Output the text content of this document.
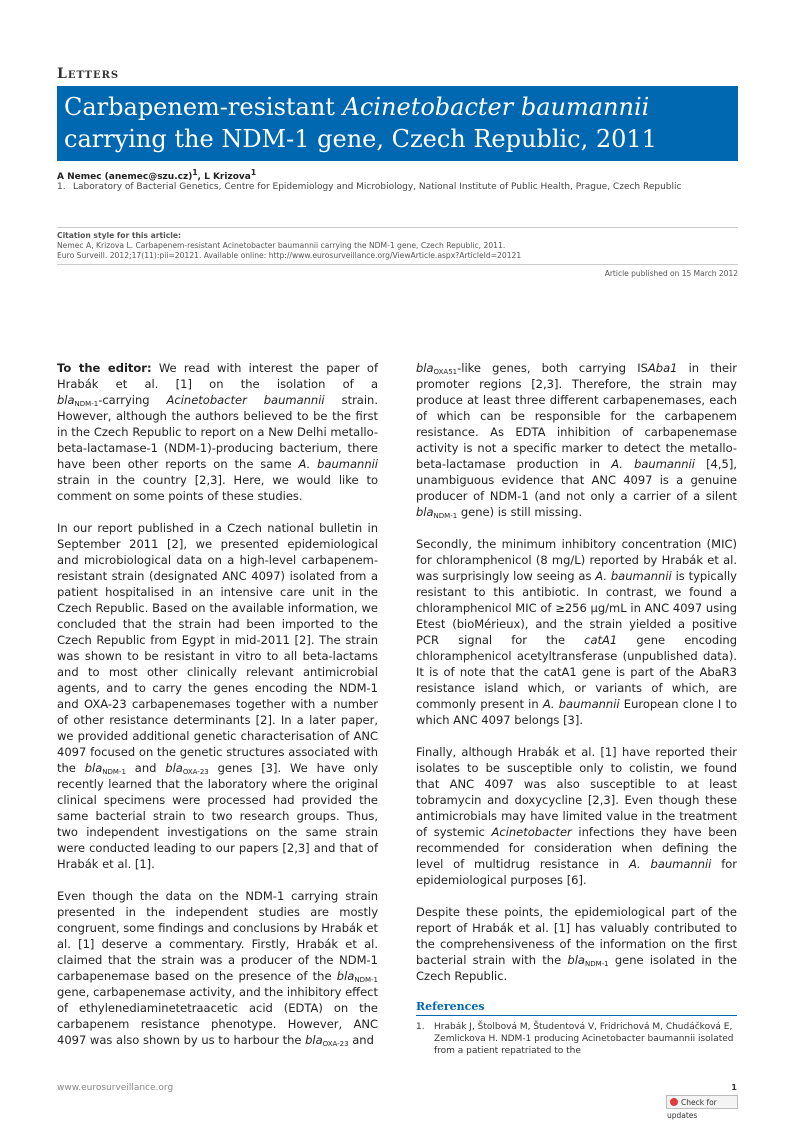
Letters
Carbapenem-resistant Acinetobacter baumannii
carrying the NDM-1 gene, Czech Republic, 2011
A Nemec (anemec@szu.cz)$^1$, L Krizova$^1$
1. Laboratory of Bacterial Genetics, Centre for Epidemiology and Microbiology, National Institute of Public Health, Prague, Czech Republic
Citation style for this article:
Nemec A, Krizova L. Carbapenem-resistant Acinetobacter baumannii carrying the NDM-1 gene, Czech Republic, 2011.
Euro Surveill. 2012;17(11):pii=20121. Available online: http://www.eurosurveillance.org/ViewArticle.aspx?ArticleId=20121
Article published on 15 March 2012

To the editor: We read with interest the paper of Hrabák et al. [1] on the isolation of a bla$_{NDM-1}$-carrying Acinetobacter baumannii strain. However, although the authors believed to be the first in the Czech Republic to report on a New Delhi metallo-beta-lactamase-1 (NDM-1)-producing bacterium, there have been other reports on the same A. baumannii strain in the country [2,3]. Here, we would like to comment on some points of these studies.

In our report published in a Czech national bulletin in September 2011 [2], we presented epidemiological and microbiological data on a high-level carbapenem-resistant strain (designated ANC 4097) isolated from a patient hospitalised in an intensive care unit in the Czech Republic. Based on the available information, we concluded that the strain had been imported to the Czech Republic from Egypt in mid-2011 [2]. The strain was shown to be resistant in vitro to all beta-lactams and to most other clinically relevant antimicrobial agents, and to carry the genes encoding the NDM-1 and OXA-23 carbapenemases together with a number of other resistance determinants [2]. In a later paper, we provided additional genetic characterisation of ANC 4097 focused on the genetic structures associated with the bla$_{NDM-1}$ and bla$_{OXA-23}$ genes [3]. We have only recently learned that the laboratory where the original clinical specimens were processed had provided the same bacterial strain to two research groups. Thus, two independent investigations on the same strain were conducted leading to our papers [2,3] and that of Hrabák et al. [1].

Even though the data on the NDM-1 carrying strain presented in the independent studies are mostly congruent, some findings and conclusions by Hrabák et al. [1] deserve a commentary. Firstly, Hrabák et al. claimed that the strain was a producer of the NDM-1 carbapenemase based on the presence of the bla$_{NDM-1}$ gene, carbapenemase activity, and the inhibitory effect of ethylenediaminetetraacetic acid (EDTA) on the carbapenem resistance phenotype. However, ANC 4097 was also shown by us to harbour the bla$_{OXA-23}$ and

bla$_{OXA51}$-like genes, both carrying ISAba1 in their promoter regions [2,3]. Therefore, the strain may produce at least three different carbapenemases, each of which can be responsible for the carbapenem resistance. As EDTA inhibition of carbapenemase activity is not a specific marker to detect the metallo-beta-lactamase production in A. baumannii [4,5], unambiguous evidence that ANC 4097 is a genuine producer of NDM-1 (and not only a carrier of a silent bla$_{NDM-1}$ gene) is still missing.

Secondly, the minimum inhibitory concentration (MIC) for chloramphenicol (8 mg/L) reported by Hrabák et al. was surprisingly low seeing as A. baumannii is typically resistant to this antibiotic. In contrast, we found a chloramphenicol MIC of ≥256 µg/mL in ANC 4097 using Etest (bioMérieux), and the strain yielded a positive PCR signal for the catA1 gene encoding chloramphenicol acetyltransferase (unpublished data). It is of note that the catA1 gene is part of the AbaR3 resistance island which, or variants of which, are commonly present in A. baumannii European clone I to which ANC 4097 belongs [3].

Finally, although Hrabák et al. [1] have reported their isolates to be susceptible only to colistin, we found that ANC 4097 was also susceptible to at least tobramycin and doxycycline [2,3]. Even though these antimicrobials may have limited value in the treatment of systemic Acinetobacter infections they have been recommended for consideration when defining the level of multidrug resistance in A. baumannii for epidemiological purposes [6].

Despite these points, the epidemiological part of the report of Hrabák et al. [1] has valuably contributed to the comprehensiveness of the information on the first bacterial strain with the bla$_{NDM-1}$ gene isolated in the Czech Republic.

References
1. Hrabák J, Štolbová M, Študentová V, Fridrichová M, Chudáčková E, Zemlickova H. NDM-1 producing Acinetobacter baumannii isolated from a patient repatriated to the
www.eurosurveillance.org	1
Check for updates
